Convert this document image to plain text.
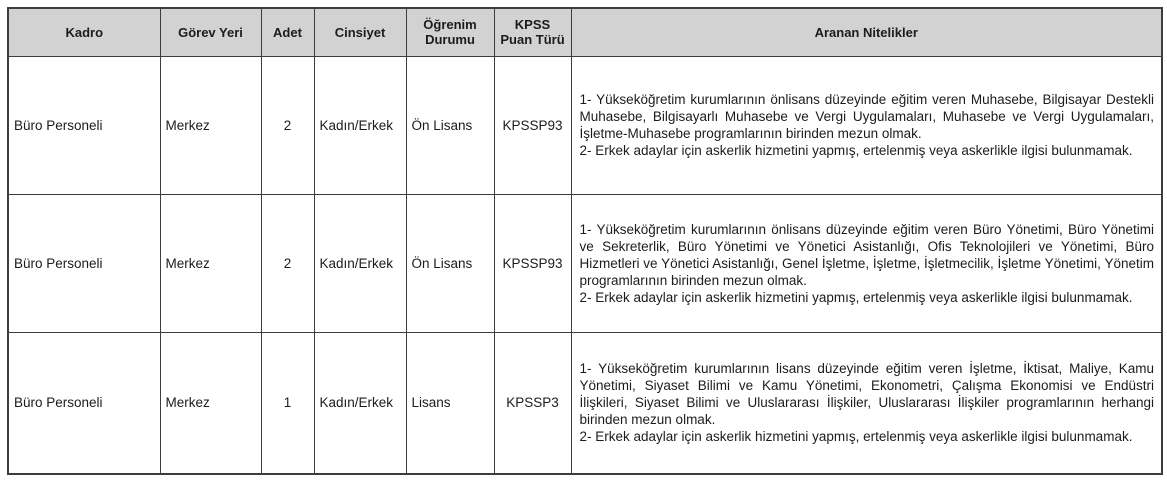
Kadro	Görev Yeri	Adet	Cinsiyet	Öğrenim Durumu	KPSS Puan Türü	Aranan Nitelikler
Büro Personeli	Merkez	2	Kadın/Erkek	Ön Lisans	KPSSP93	1- Yükseköğretim kurumlarının önlisans düzeyinde eğitim veren Muhasebe, Bilgisayar Destekli Muhasebe, Bilgisayarlı Muhasebe ve Vergi Uygulamaları, Muhasebe ve Vergi Uygulamaları, İşletme-Muhasebe programlarının birinden mezun olmak.
2- Erkek adaylar için askerlik hizmetini yapmış, ertelenmiş veya askerlikle ilgisi bulunmamak.

Büro Personeli	Merkez	2	Kadın/Erkek	Ön Lisans	KPSSP93	1- Yükseköğretim kurumlarının önlisans düzeyinde eğitim veren Büro Yönetimi, Büro Yönetimi ve Sekreterlik, Büro Yönetimi ve Yönetici Asistanlığı, Ofis Teknolojileri ve Yönetimi, Büro Hizmetleri ve Yönetici Asistanlığı, Genel İşletme, İşletme, İşletmecilik, İşletme Yönetimi, Yönetim programlarının birinden mezun olmak.
2- Erkek adaylar için askerlik hizmetini yapmış, ertelenmiş veya askerlikle ilgisi bulunmamak.

Büro Personeli	Merkez	1	Kadın/Erkek	Lisans	KPSSP3	1- Yükseköğretim kurumlarının lisans düzeyinde eğitim veren İşletme, İktisat, Maliye, Kamu Yönetimi, Siyaset Bilimi ve Kamu Yönetimi, Ekonometri, Çalışma Ekonomisi ve Endüstri İlişkileri, Siyaset Bilimi ve Uluslararası İlişkiler, Uluslararası İlişkiler programlarının herhangi birinden mezun olmak.
2- Erkek adaylar için askerlik hizmetini yapmış, ertelenmiş veya askerlikle ilgisi bulunmamak.
